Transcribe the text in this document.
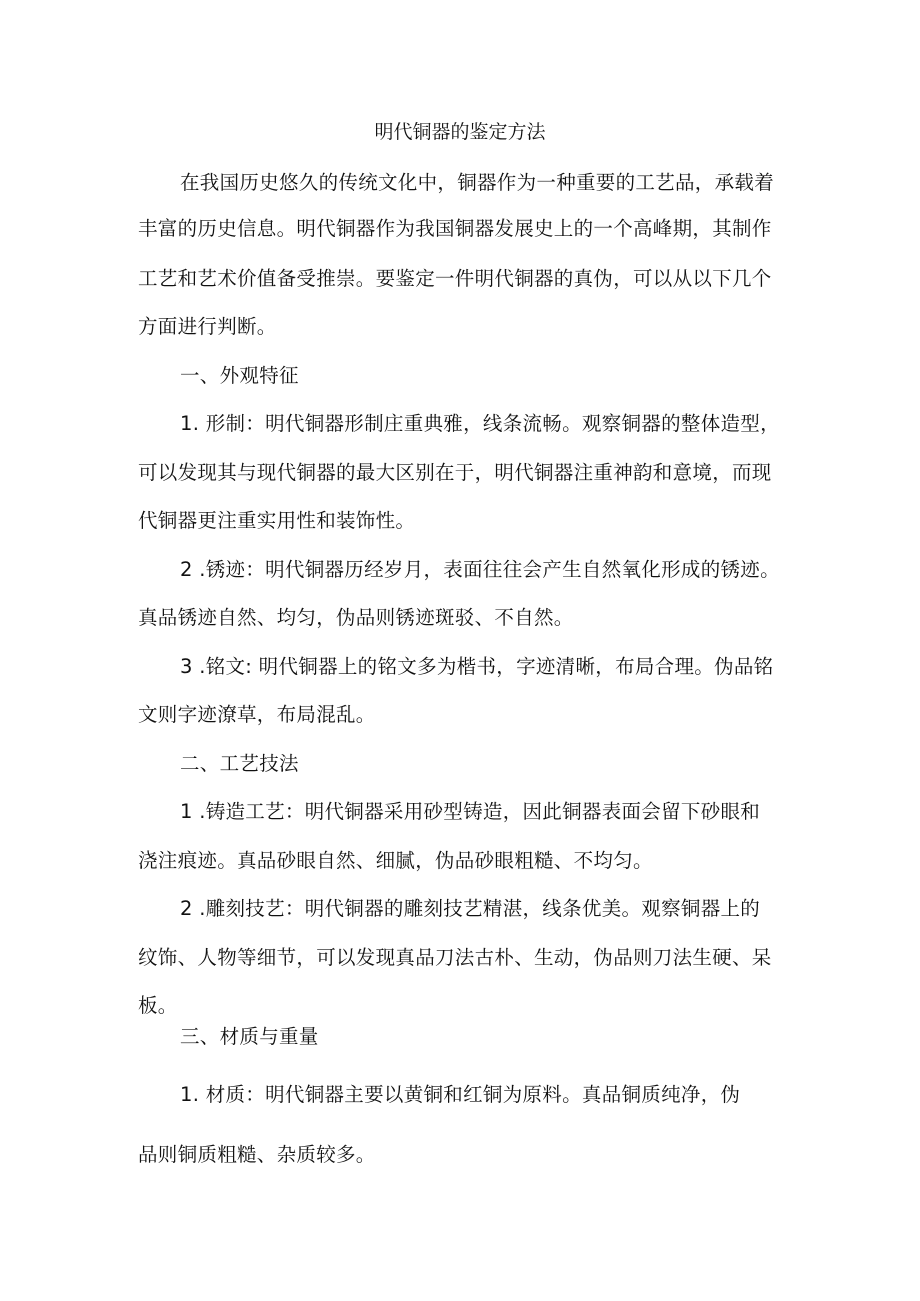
明代铜器的鉴定方法
在我国历史悠久的传统文化中，铜器作为一种重要的工艺品，承载着
丰富的历史信息。明代铜器作为我国铜器发展史上的一个高峰期，其制作
工艺和艺术价值备受推崇。要鉴定一件明代铜器的真伪，可以从以下几个
方面进行判断。
一、外观特征
1. 形制：明代铜器形制庄重典雅，线条流畅。观察铜器的整体造型，
可以发现其与现代铜器的最大区别在于，明代铜器注重神韵和意境，而现
代铜器更注重实用性和装饰性。
2 .锈迹：明代铜器历经岁月，表面往往会产生自然氧化形成的锈迹。
真品锈迹自然、均匀，伪品则锈迹斑驳、不自然。
3 .铭文: 明代铜器上的铭文多为楷书，字迹清晰，布局合理。伪品铭
文则字迹潦草，布局混乱。
二、工艺技法
1 .铸造工艺：明代铜器采用砂型铸造，因此铜器表面会留下砂眼和
浇注痕迹。真品砂眼自然、细腻，伪品砂眼粗糙、不均匀。
2 .雕刻技艺：明代铜器的雕刻技艺精湛，线条优美。观察铜器上的
纹饰、人物等细节，可以发现真品刀法古朴、生动，伪品则刀法生硬、呆
板。
三、材质与重量
1. 材质：明代铜器主要以黄铜和红铜为原料。真品铜质纯净，伪
品则铜质粗糙、杂质较多。
